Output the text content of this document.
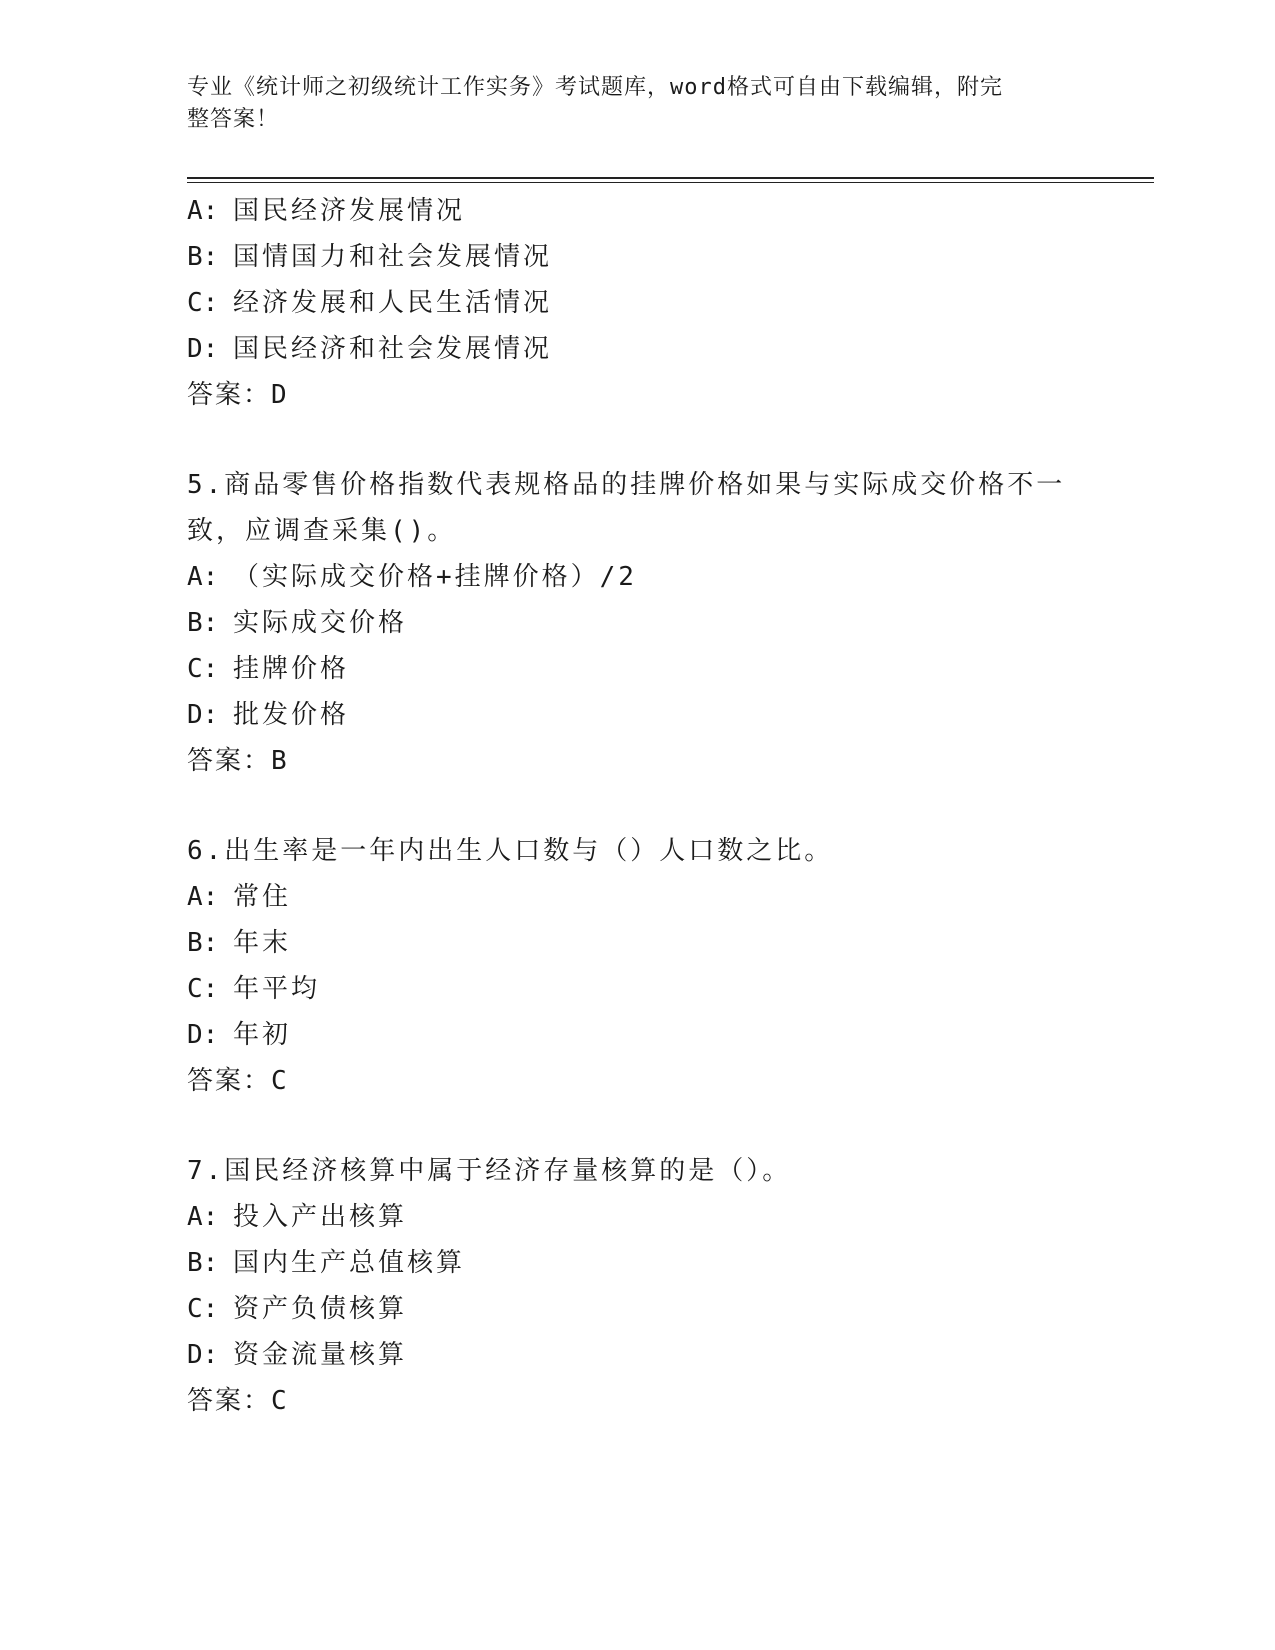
专业《统计师之初级统计工作实务》考试题库，word格式可自由下载编辑，附完
整答案！
A: 国民经济发展情况
B: 国情国力和社会发展情况
C: 经济发展和人民生活情况
D: 国民经济和社会发展情况
答案：D
5.商品零售价格指数代表规格品的挂牌价格如果与实际成交价格不一
致，应调查采集()。
A: （实际成交价格+挂牌价格）/2
B: 实际成交价格
C: 挂牌价格
D: 批发价格
答案：B
6.出生率是一年内出生人口数与（）人口数之比。
A: 常住
B: 年末
C: 年平均
D: 年初
答案：C
7.国民经济核算中属于经济存量核算的是（）。
A: 投入产出核算
B: 国内生产总值核算
C: 资产负债核算
D: 资金流量核算
答案：C
